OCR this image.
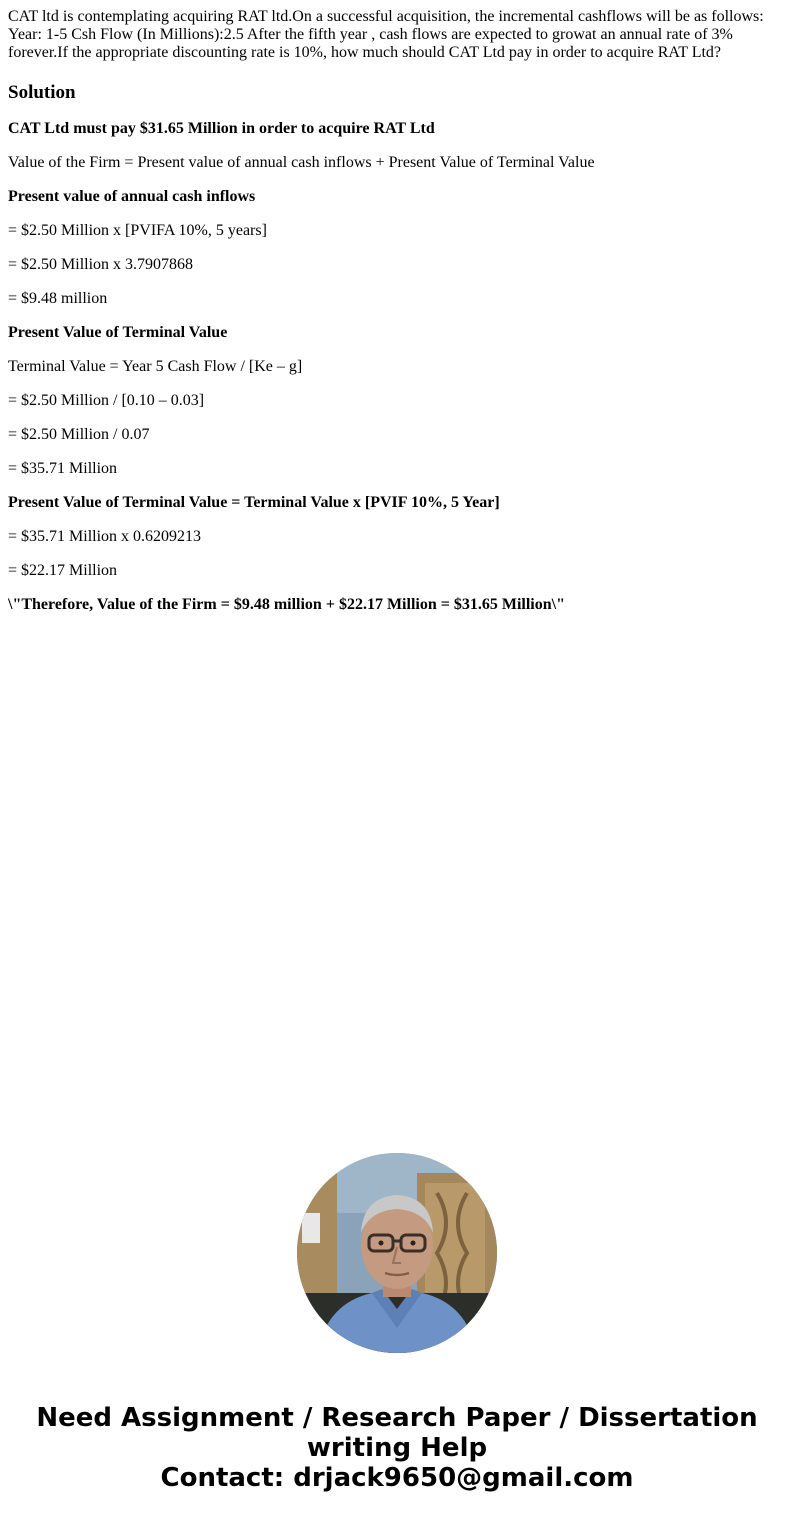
CAT ltd is contemplating acquiring RAT ltd.On a successful acquisition, the incremental cashflows will be as follows: Year: 1-5 Csh Flow (In Millions):2.5 After the fifth year , cash flows are expected to growat an annual rate of 3% forever.If the appropriate discounting rate is 10%, how much should CAT Ltd pay in order to acquire RAT Ltd?

Solution

CAT Ltd must pay $31.65 Million in order to acquire RAT Ltd

Value of the Firm = Present value of annual cash inflows + Present Value of Terminal Value

Present value of annual cash inflows

= $2.50 Million x [PVIFA 10%, 5 years]

= $2.50 Million x 3.7907868

= $9.48 million

Present Value of Terminal Value

Terminal Value = Year 5 Cash Flow / [Ke – g]

= $2.50 Million / [0.10 – 0.03]

= $2.50 Million / 0.07

= $35.71 Million

Present Value of Terminal Value = Terminal Value x [PVIF 10%, 5 Year]

= $35.71 Million x 0.6209213

= $22.17 Million

\"Therefore, Value of the Firm = $9.48 million + $22.17 Million = $31.65 Million\"

Need Assignment / Research Paper / Dissertation
writing Help
Contact: drjack9650@gmail.com
